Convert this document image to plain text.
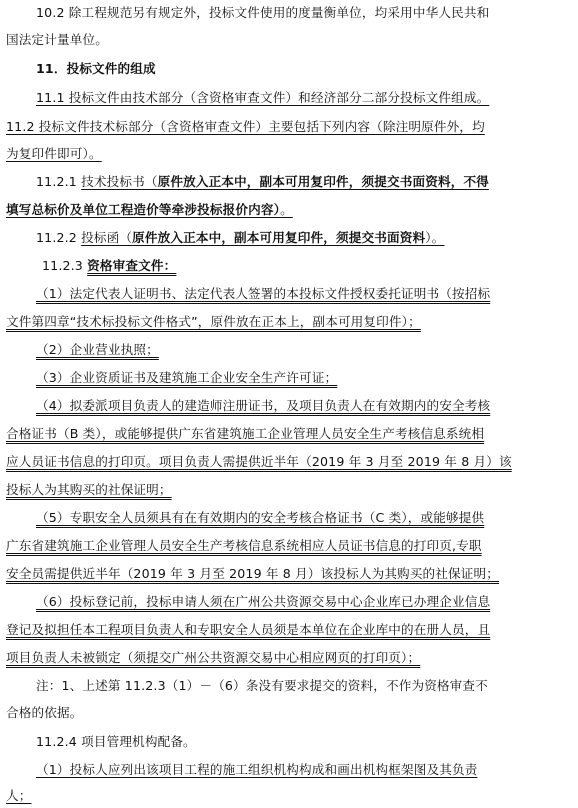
10.2 除工程规范另有规定外，投标文件使用的度量衡单位，均采用中华人民共和
国法定计量单位。
11．投标文件的组成
11.1 投标文件由技术部分（含资格审查文件）和经济部分二部分投标文件组成。
11.2 投标文件技术标部分（含资格审查文件）主要包括下列内容（除注明原件外，均
为复印件即可）。
11.2.1 技术投标书（原件放入正本中，副本可用复印件，须提交书面资料，不得
填写总标价及单位工程造价等牵涉投标报价内容）。
11.2.2 投标函（原件放入正本中，副本可用复印件，须提交书面资料）。
11.2.3 资格审查文件：
（1）法定代表人证明书、法定代表人签署的本投标文件授权委托证明书（按招标
文件第四章“技术标投标文件格式”，原件放在正本上，副本可用复印件）；
（2）企业营业执照；
（3）企业资质证书及建筑施工企业安全生产许可证；
（4）拟委派项目负责人的建造师注册证书，及项目负责人在有效期内的安全考核
合格证书（B 类），或能够提供广东省建筑施工企业管理人员安全生产考核信息系统相
应人员证书信息的打印页。项目负责人需提供近半年（2019 年 3 月至 2019 年 8 月）该
投标人为其购买的社保证明；
（5）专职安全人员须具有在有效期内的安全考核合格证书（C 类），或能够提供
广东省建筑施工企业管理人员安全生产考核信息系统相应人员证书信息的打印页,专职
安全员需提供近半年（2019 年 3 月至 2019 年 8 月）该投标人为其购买的社保证明；
（6）投标登记前，投标申请人须在广州公共资源交易中心企业库已办理企业信息
登记及拟担任本工程项目负责人和专职安全人员须是本单位在企业库中的在册人员，且
项目负责人未被锁定（须提交广州公共资源交易中心相应网页的打印页）；
注：1、上述第 11.2.3（1）－（6）条没有要求提交的资料，不作为资格审查不
合格的依据。
11.2.4 项目管理机构配备。
（1）投标人应列出该项目工程的施工组织机构构成和画出机构框架图及其负责
人；
